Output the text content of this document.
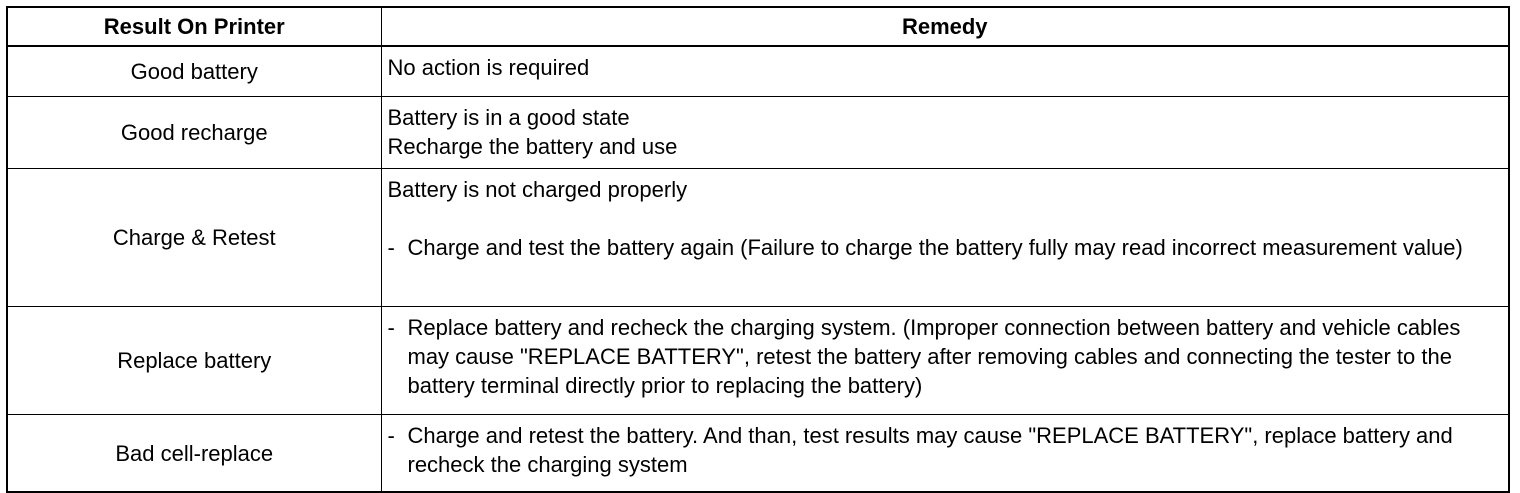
Result On Printer	Remedy
Good battery	No action is required

Good recharge	Battery is in a good state
Recharge the battery and use

Charge & Retest	Battery is not charged properly
- Charge and test the battery again (Failure to charge the battery fully may read incorrect measurement value)

Replace battery	- Replace battery and recheck the charging system. (Improper connection between battery and vehicle cables may cause "REPLACE BATTERY", retest the battery after removing cables and connecting the tester to the battery terminal directly prior to replacing the battery)

Bad cell-replace	- Charge and retest the battery. And than, test results may cause "REPLACE BATTERY", replace battery and recheck the charging system
